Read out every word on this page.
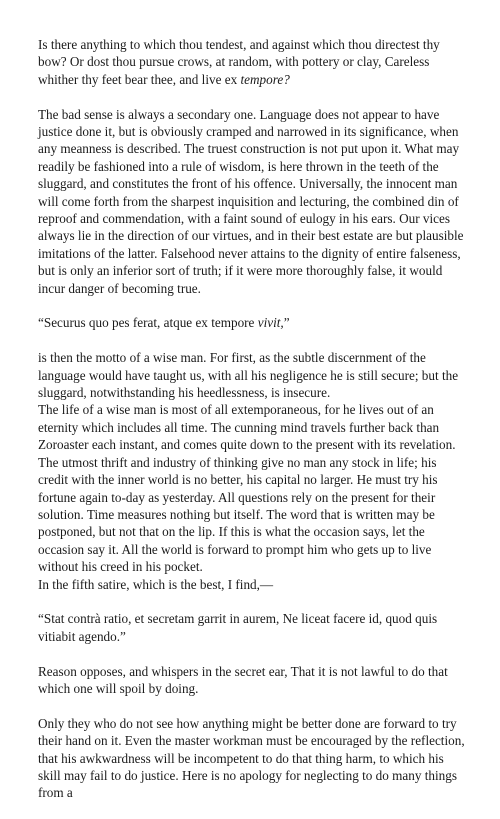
Is there anything to which thou tendest, and against which thou directest thy bow? Or dost thou pursue crows, at random, with pottery or clay, Careless whither thy feet bear thee, and live ex tempore?

The bad sense is always a secondary one. Language does not appear to have justice done it, but is obviously cramped and narrowed in its significance, when any meanness is described. The truest construction is not put upon it. What may readily be fashioned into a rule of wisdom, is here thrown in the teeth of the sluggard, and constitutes the front of his offence. Universally, the innocent man will come forth from the sharpest inquisition and lecturing, the combined din of reproof and commendation, with a faint sound of eulogy in his ears. Our vices always lie in the direction of our virtues, and in their best estate are but plausible imitations of the latter. Falsehood never attains to the dignity of entire falseness, but is only an inferior sort of truth; if it were more thoroughly false, it would incur danger of becoming true.

“Securus quo pes ferat, atque ex tempore vivit,”

is then the motto of a wise man. For first, as the subtle discernment of the language would have taught us, with all his negligence he is still secure; but the sluggard, notwithstanding his heedlessness, is insecure.

The life of a wise man is most of all extemporaneous, for he lives out of an eternity which includes all time. The cunning mind travels further back than Zoroaster each instant, and comes quite down to the present with its revelation. The utmost thrift and industry of thinking give no man any stock in life; his credit with the inner world is no better, his capital no larger. He must try his fortune again to-day as yesterday. All questions rely on the present for their solution. Time measures nothing but itself. The word that is written may be postponed, but not that on the lip. If this is what the occasion says, let the occasion say it. All the world is forward to prompt him who gets up to live without his creed in his pocket.

In the fifth satire, which is the best, I find,—

“Stat contrà ratio, et secretam garrit in aurem, Ne liceat facere id, quod quis vitiabit agendo.”

Reason opposes, and whispers in the secret ear, That it is not lawful to do that which one will spoil by doing.

Only they who do not see how anything might be better done are forward to try their hand on it. Even the master workman must be encouraged by the reflection, that his awkwardness will be incompetent to do that thing harm, to which his skill may fail to do justice. Here is no apology for neglecting to do many things from a
